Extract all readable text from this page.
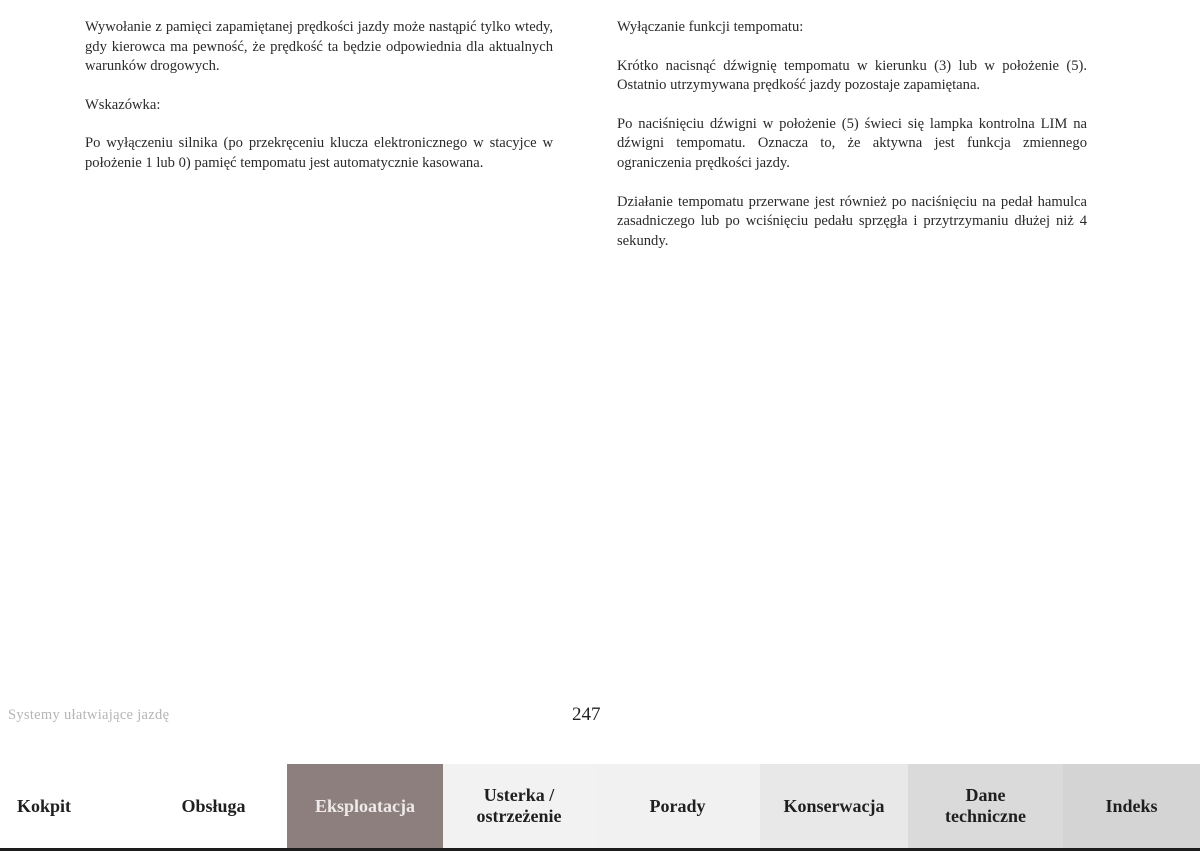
Wywołanie z pamięci zapamiętanej prędkości jazdy może nastąpić tylko wtedy, gdy kierowca ma pewność, że prędkość ta będzie odpowiednia dla aktualnych warunków drogowych.

Wskazówka:

Po wyłączeniu silnika (po przekręceniu klucza elektronicznego w stacyjce w położenie 1 lub 0) pamięć tempomatu jest automatycznie kasowana.

Wyłączanie funkcji tempomatu:

Krótko nacisnąć dźwignię tempomatu w kierunku (3) lub w położenie (5). Ostatnio utrzymywana prędkość jazdy pozostaje zapamiętana.

Po naciśnięciu dźwigni w położenie (5) świeci się lampka kontrolna LIM na dźwigni tempomatu. Oznacza to, że aktywna jest funkcja zmiennego ograniczenia prędkości jazdy.

Działanie tempomatu przerwane jest również po naciśnięciu na pedał hamulca zasadniczego lub po wciśnięciu pedału sprzęgła i przytrzymaniu dłużej niż 4 sekundy.

Systemy ułatwiające jazdę	247
Kokpit	Obsługa	Eksploatacja
Usterka /
ostrzeżenie
Porady	Konserwacja
Dane
techniczne
Indeks
